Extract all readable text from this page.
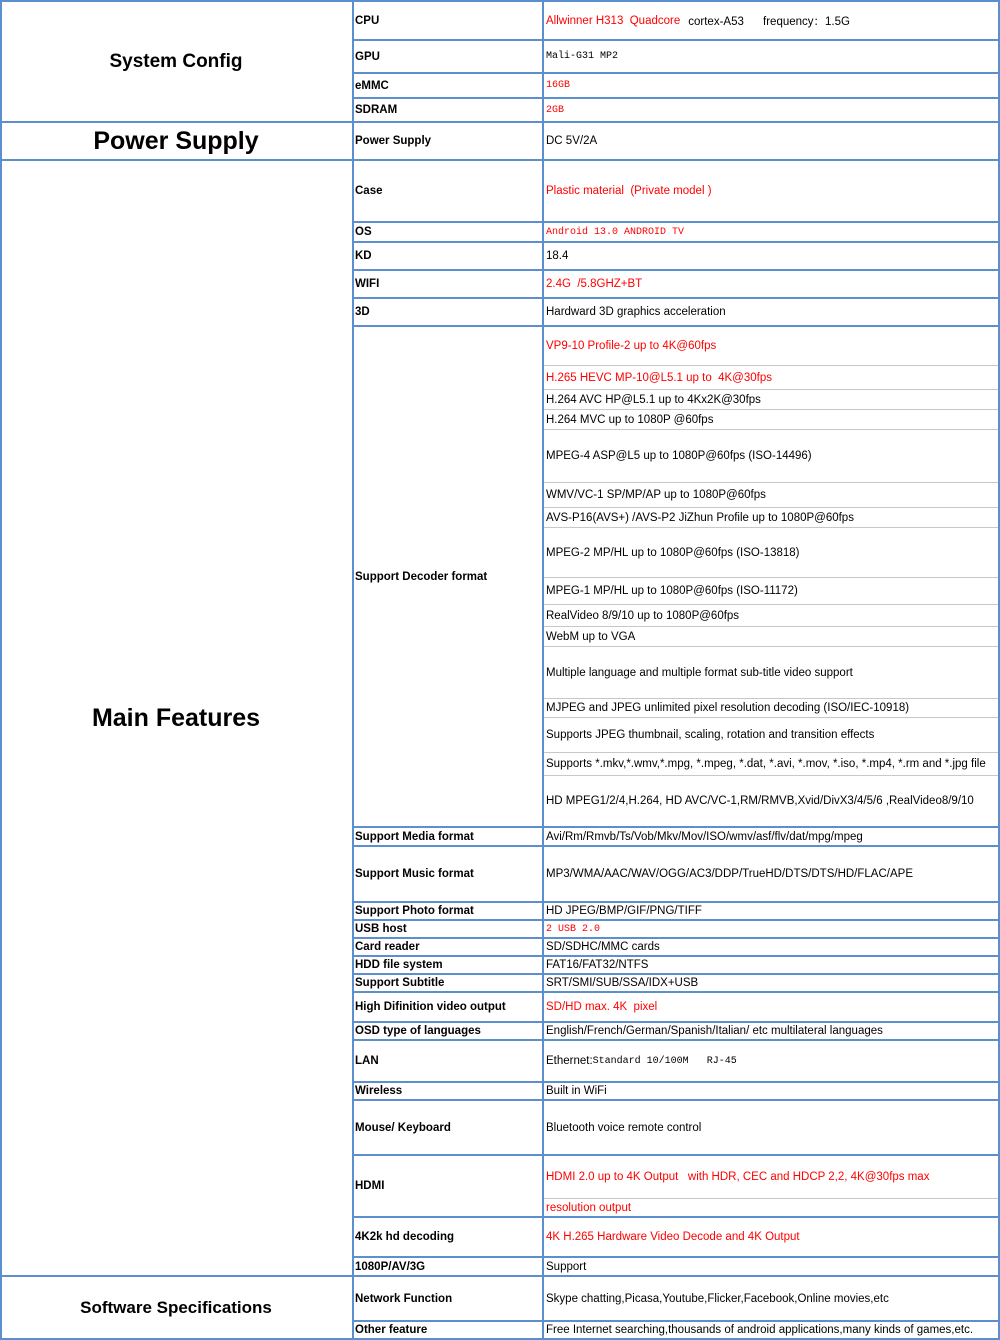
System Config
Power Supply
Main Features
Software Specifications
CPU
GPU
eMMC
SDRAM
Power Supply
Case
OS
KD
WIFI
3D
Support Decoder format
Support Media format
Support Music format
Support Photo format
USB host
Card reader
HDD file system
Support Subtitle
High Difinition video output
OSD type of languages
LAN
Wireless
Mouse/ Keyboard
HDMI
4K2k hd decoding
1080P/AV/3G
Network Function
Other feature
Allwinner H313  Quadcore cortex-A53      frequency：1.5G
Mali-G31 MP2
16GB
2GB
DC 5V/2A
Plastic material  (Private model )
Android 13.0 ANDROID TV
18.4
2.4G  /5.8GHZ+BT
Hardward 3D graphics acceleration
VP9-10 Profile-2 up to 4K@60fps
H.265 HEVC MP-10@L5.1 up to  4K@30fps
H.264 AVC HP@L5.1 up to 4Kx2K@30fps
H.264 MVC up to 1080P @60fps
MPEG-4 ASP@L5 up to 1080P@60fps (ISO-14496)
WMV/VC-1 SP/MP/AP up to 1080P@60fps
AVS-P16(AVS+) /AVS-P2 JiZhun Profile up to 1080P@60fps
MPEG-2 MP/HL up to 1080P@60fps (ISO-13818)
MPEG-1 MP/HL up to 1080P@60fps (ISO-11172)
RealVideo 8/9/10 up to 1080P@60fps
WebM up to VGA
Multiple language and multiple format sub-title video support
MJPEG and JPEG unlimited pixel resolution decoding (ISO/IEC-10918)
Supports JPEG thumbnail, scaling, rotation and transition effects
Supports *.mkv,*.wmv,*.mpg, *.mpeg, *.dat, *.avi, *.mov, *.iso, *.mp4, *.rm and *.jpg file
HD MPEG1/2/4,H.264, HD AVC/VC-1,RM/RMVB,Xvid/DivX3/4/5/6 ,RealVideo8/9/10
Avi/Rm/Rmvb/Ts/Vob/Mkv/Mov/ISO/wmv/asf/flv/dat/mpg/mpeg
MP3/WMA/AAC/WAV/OGG/AC3/DDP/TrueHD/DTS/DTS/HD/FLAC/APE
HD JPEG/BMP/GIF/PNG/TIFF
2 USB 2.0
SD/SDHC/MMC cards
FAT16/FAT32/NTFS
SRT/SMI/SUB/SSA/IDX+USB
SD/HD max. 4K  pixel
English/French/German/Spanish/Italian/ etc multilateral languages
Ethernet: Standard 10/100M   RJ-45
Built in WiFi
Bluetooth voice remote control
HDMI 2.0 up to 4K Output   with HDR, CEC and HDCP 2,2, 4K@30fps max
resolution output
4K H.265 Hardware Video Decode and 4K Output
Support
Skype chatting,Picasa,Youtube,Flicker,Facebook,Online movies,etc
Free Internet searching,thousands of android applications,many kinds of games,etc.
